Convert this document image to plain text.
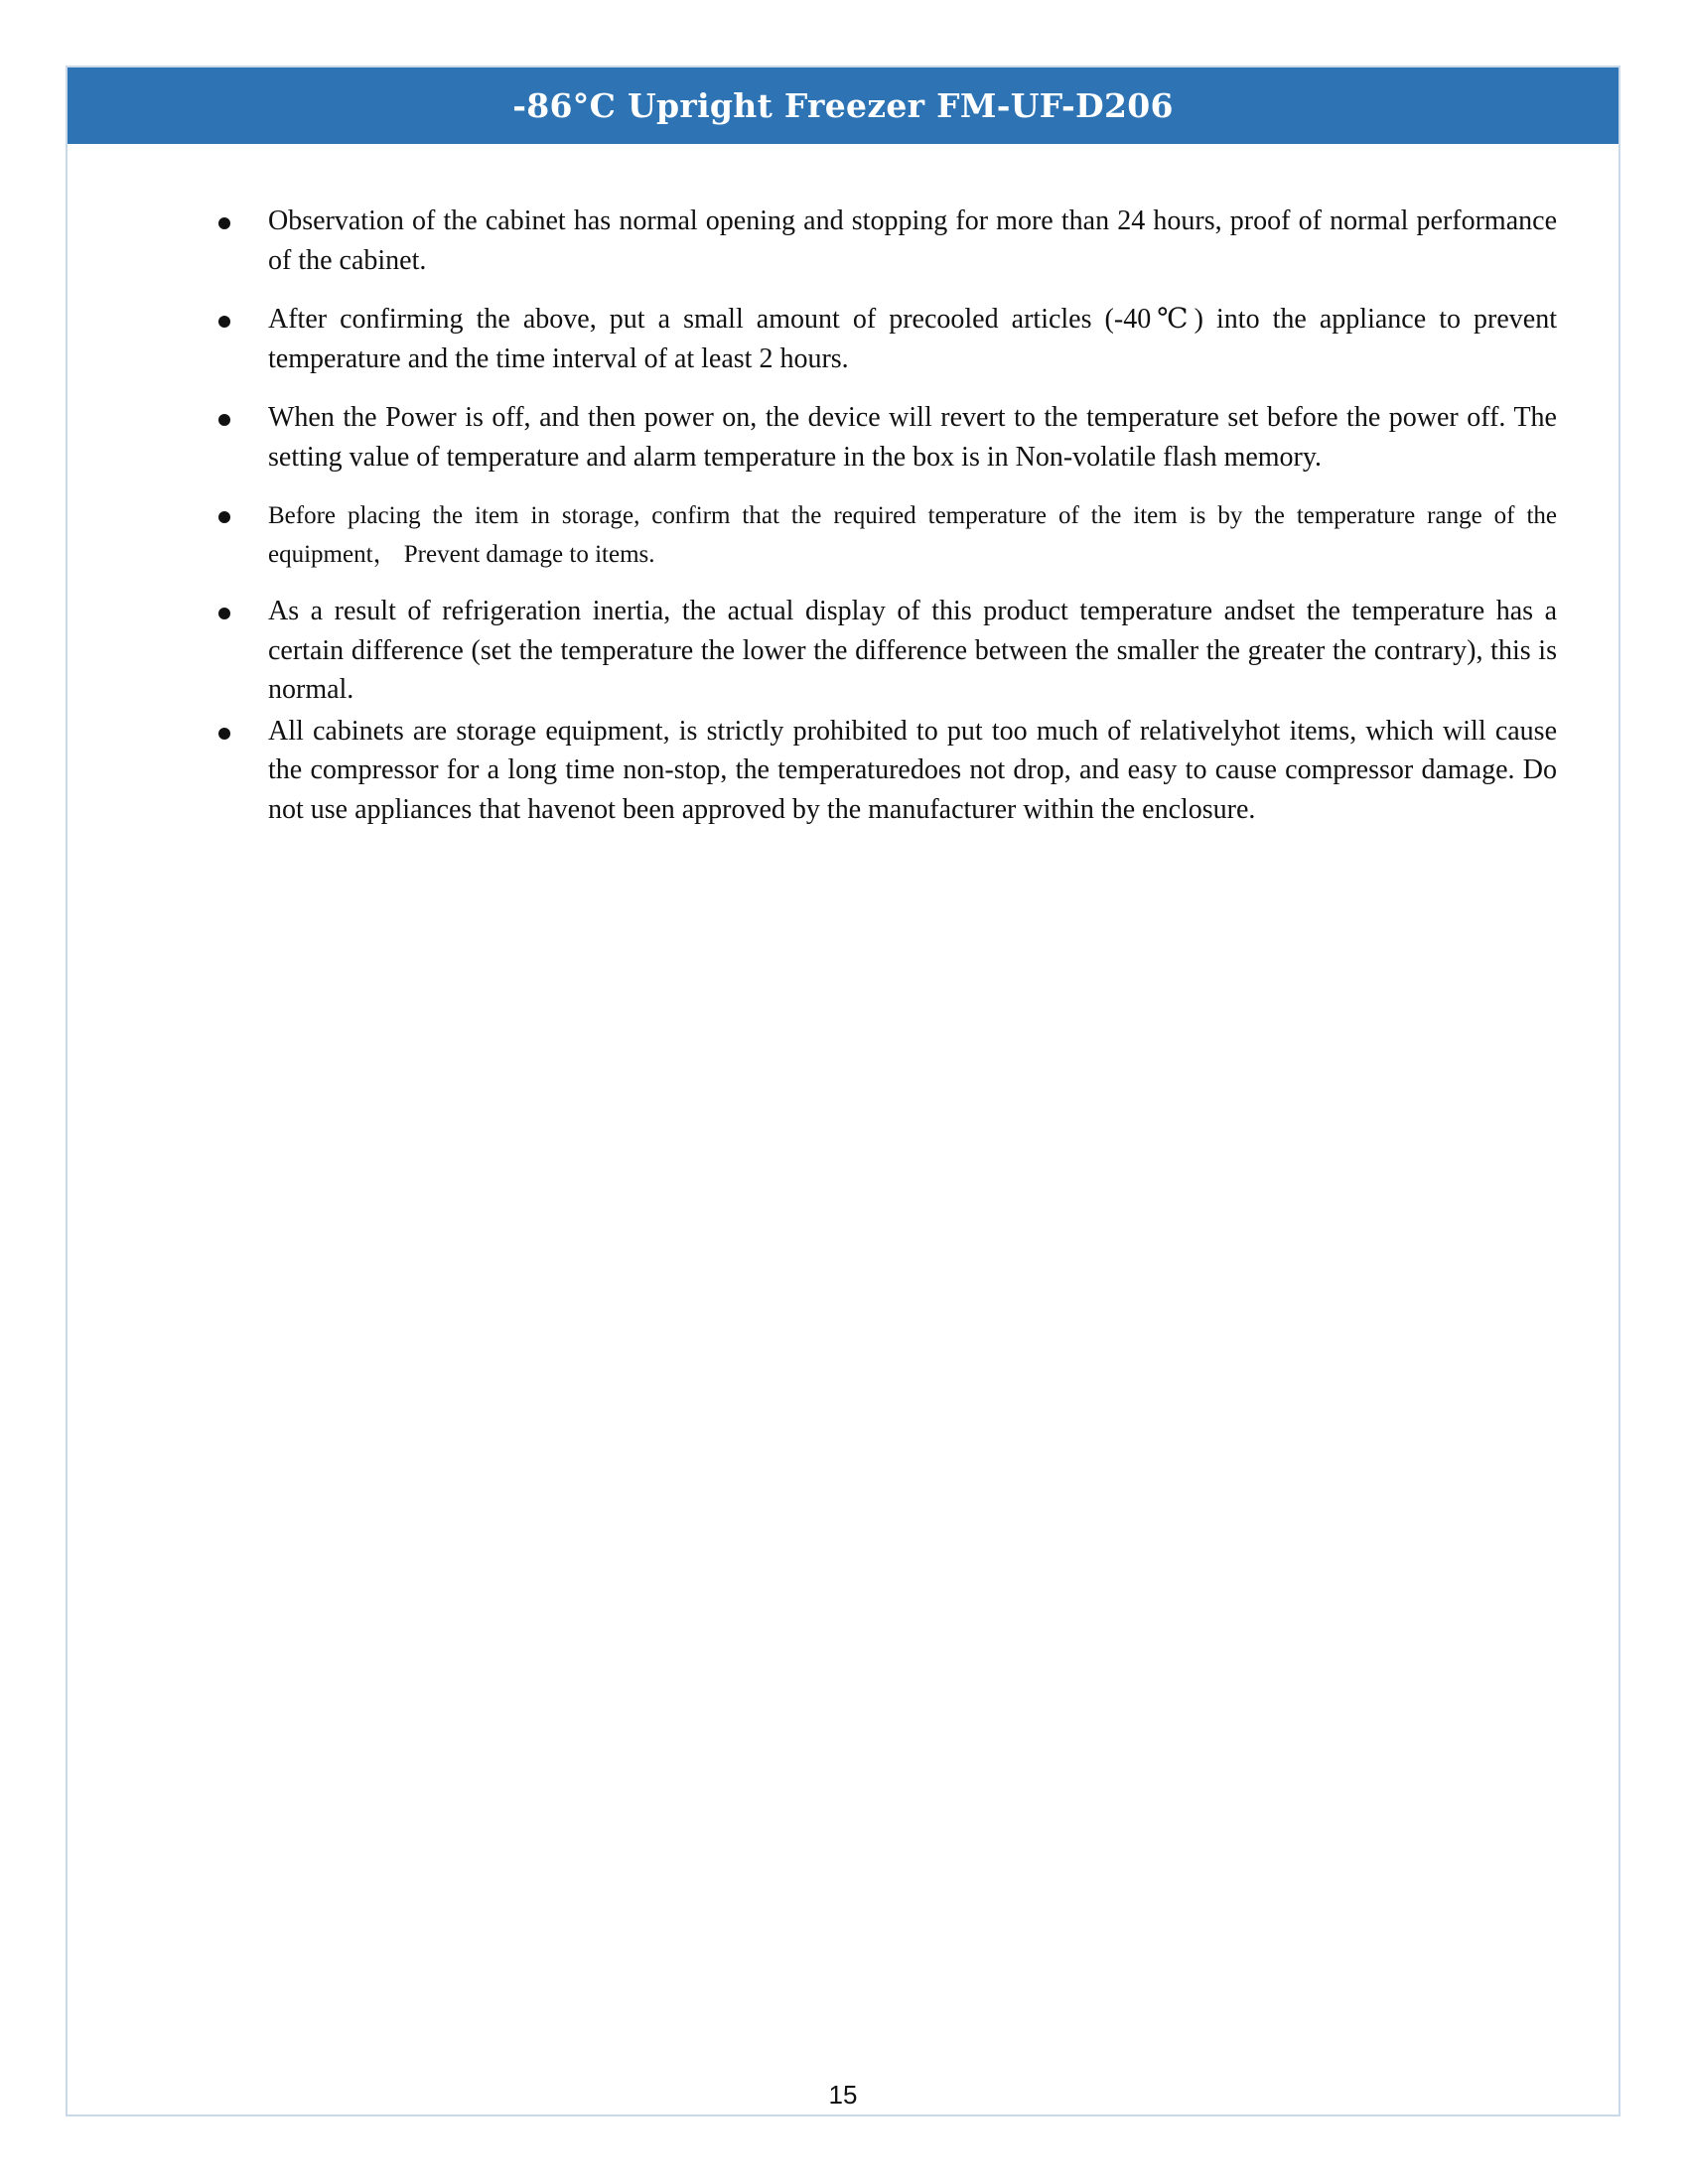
-86°C Upright Freezer FM-UF-D206
Observation of the cabinet has normal opening and stopping for more than 24 hours, proof of normal performance of the cabinet.
After confirming the above, put a small amount of precooled articles (-40℃) into the appliance to prevent temperature and the time interval of at least 2 hours.
When the Power is off, and then power on, the device will revert to the temperature set before the power off. The setting value of temperature and alarm temperature in the box is in Non-volatile flash memory.
Before placing the item in storage, confirm that the required temperature of the item is by the temperature range of the equipment， Prevent damage to items.
As a result of refrigeration inertia, the actual display of this product temperature andset the temperature has a certain difference (set the temperature the lower the difference between the smaller the greater the contrary), this is normal.
All cabinets are storage equipment, is strictly prohibited to put too much of relativelyhot items, which will cause the compressor for a long time non-stop, the temperaturedoes not drop, and easy to cause compressor damage. Do not use appliances that havenot been approved by the manufacturer within the enclosure.
15
